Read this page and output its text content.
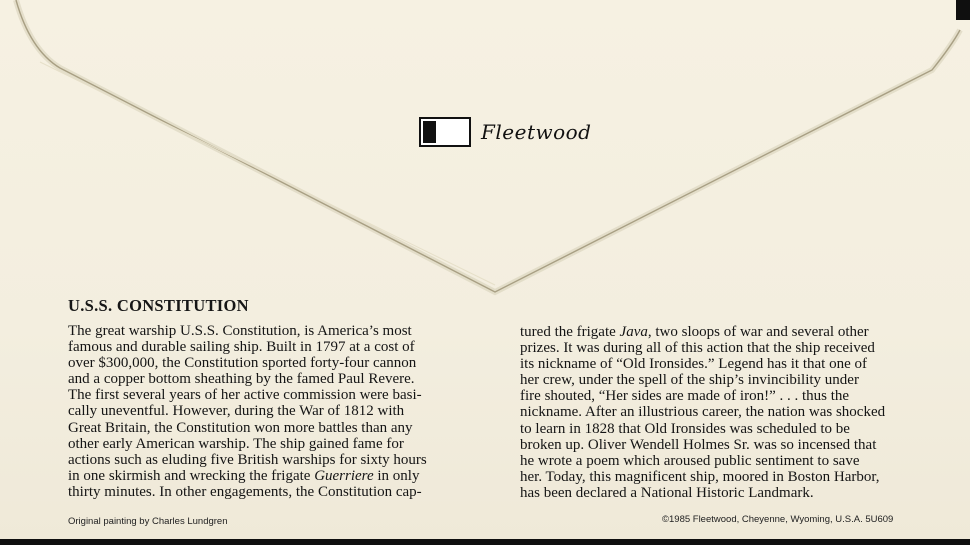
Fleetwood
U.S.S. CONSTITUTION

The great warship U.S.S. Constitution, is America’s most
famous and durable sailing ship. Built in 1797 at a cost of
over $300,000, the Constitution sported forty-four cannon
and a copper bottom sheathing by the famed Paul Revere.
The first several years of her active commission were basi-
cally uneventful. However, during the War of 1812 with
Great Britain, the Constitution won more battles than any
other early American warship. The ship gained fame for
actions such as eluding five British warships for sixty hours
in one skirmish and wrecking the frigate Guerriere in only
thirty minutes. In other engagements, the Constitution cap-

tured the frigate Java, two sloops of war and several other
prizes. It was during all of this action that the ship received
its nickname of “Old Ironsides.” Legend has it that one of
her crew, under the spell of the ship’s invincibility under
fire shouted, “Her sides are made of iron!” . . . thus the
nickname. After an illustrious career, the nation was shocked
to learn in 1828 that Old Ironsides was scheduled to be
broken up. Oliver Wendell Holmes Sr. was so incensed that
he wrote a poem which aroused public sentiment to save
her. Today, this magnificent ship, moored in Boston Harbor,
has been declared a National Historic Landmark.

Original painting by Charles Lundgren	©1985 Fleetwood, Cheyenne, Wyoming, U.S.A. 5U609
